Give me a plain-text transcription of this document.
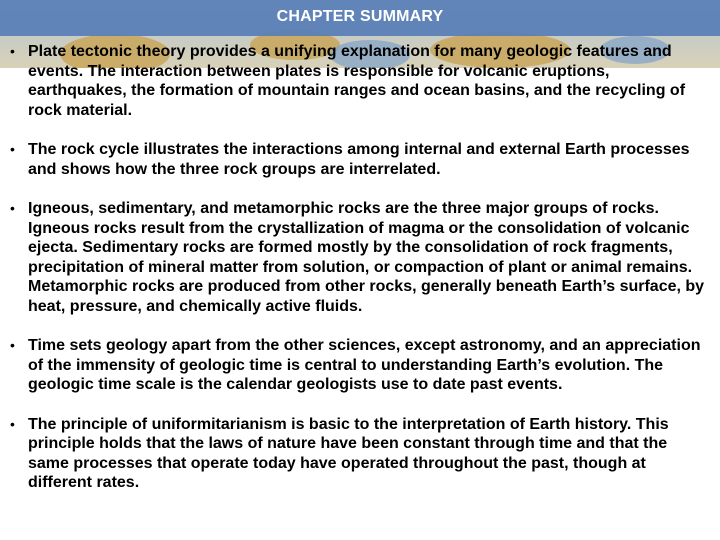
CHAPTER SUMMARY
• Plate tectonic theory provides a unifying explanation for many geologic features and events. The interaction between plates is responsible for volcanic eruptions, earthquakes, the formation of mountain ranges and ocean basins, and the recycling of rock material.
• The rock cycle illustrates the interactions among internal and external Earth processes and shows how the three rock groups are interrelated.
• Igneous, sedimentary, and metamorphic rocks are the three major groups of rocks. Igneous rocks result from the crystallization of magma or the consolidation of volcanic ejecta. Sedimentary rocks are formed mostly by the consolidation of rock fragments, precipitation of mineral matter from solution, or compaction of plant or animal remains. Metamorphic rocks are produced from other rocks, generally beneath Earth’s surface, by heat, pressure, and chemically active fluids.
• Time sets geology apart from the other sciences, except astronomy, and an appreciation of the immensity of geologic time is central to understanding Earth’s evolution. The geologic time scale is the calendar geologists use to date past events.
• The principle of uniformitarianism is basic to the interpretation of Earth history. This principle holds that the laws of nature have been constant through time and that the same processes that operate today have operated throughout the past, though at different rates.
